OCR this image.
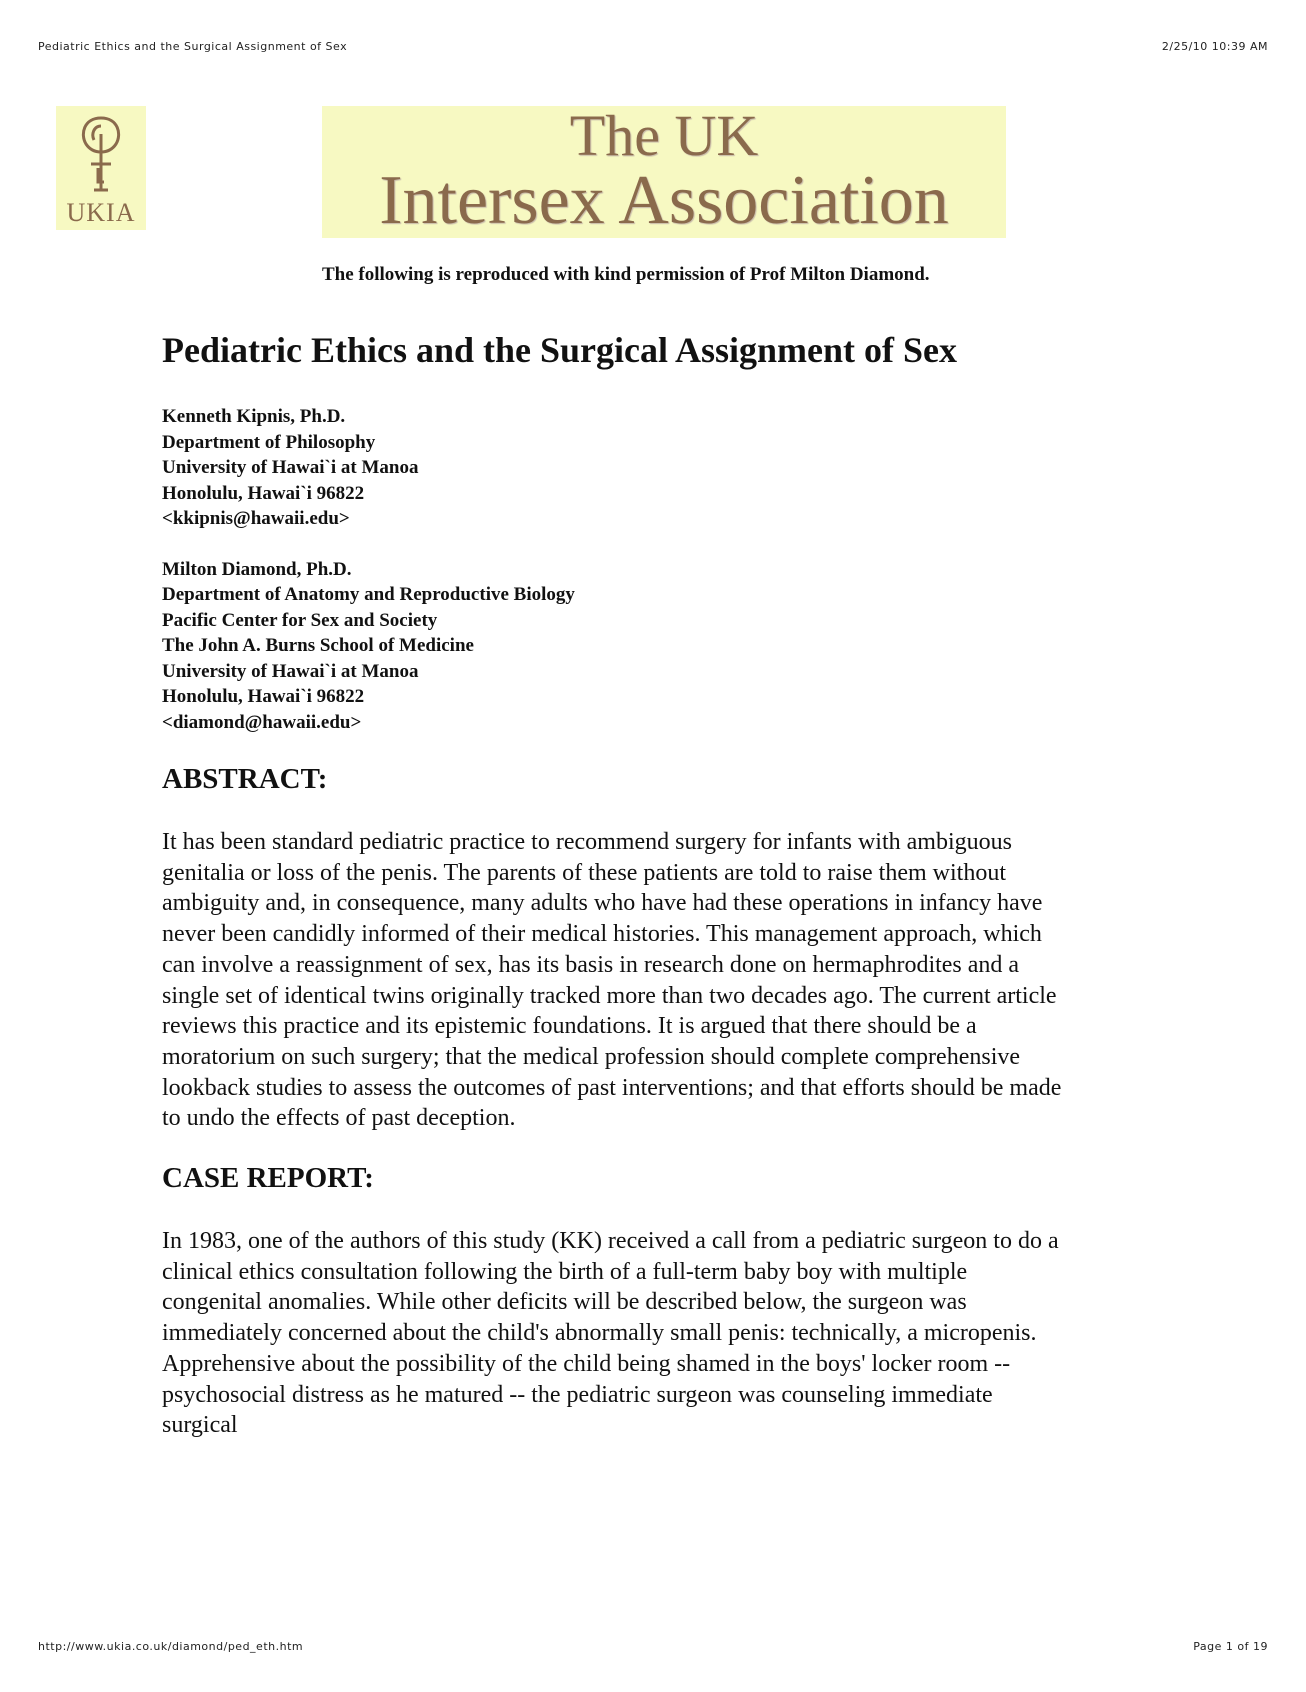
Pediatric Ethics and the Surgical Assignment of Sex	2/25/10 10:39 AM
UKIA
The UK
Intersex Association
The following is reproduced with kind permission of Prof Milton Diamond.
Pediatric Ethics and the Surgical Assignment of Sex
Kenneth Kipnis, Ph.D.
Department of Philosophy
University of Hawai`i at Manoa
Honolulu, Hawai`i 96822
<kkipnis@hawaii.edu>
Milton Diamond, Ph.D.
Department of Anatomy and Reproductive Biology
Pacific Center for Sex and Society
The John A. Burns School of Medicine
University of Hawai`i at Manoa
Honolulu, Hawai`i 96822
<diamond@hawaii.edu>
ABSTRACT:
It has been standard pediatric practice to recommend surgery for infants with ambiguous genitalia or loss of the penis. The parents of these patients are told to raise them without ambiguity and, in consequence, many adults who have had these operations in infancy have never been candidly informed of their medical histories. This management approach, which can involve a reassignment of sex, has its basis in research done on hermaphrodites and a single set of identical twins originally tracked more than two decades ago. The current article reviews this practice and its epistemic foundations. It is argued that there should be a moratorium on such surgery; that the medical profession should complete comprehensive lookback studies to assess the outcomes of past interventions; and that efforts should be made to undo the effects of past deception.
CASE REPORT:
In 1983, one of the authors of this study (KK) received a call from a pediatric surgeon to do a clinical ethics consultation following the birth of a full-term baby boy with multiple congenital anomalies. While other deficits will be described below, the surgeon was immediately concerned about the child's abnormally small penis: technically, a micropenis. Apprehensive about the possibility of the child being shamed in the boys' locker room -- psychosocial distress as he matured -- the pediatric surgeon was counseling immediate surgical
http://www.ukia.co.uk/diamond/ped_eth.htm	Page 1 of 19
